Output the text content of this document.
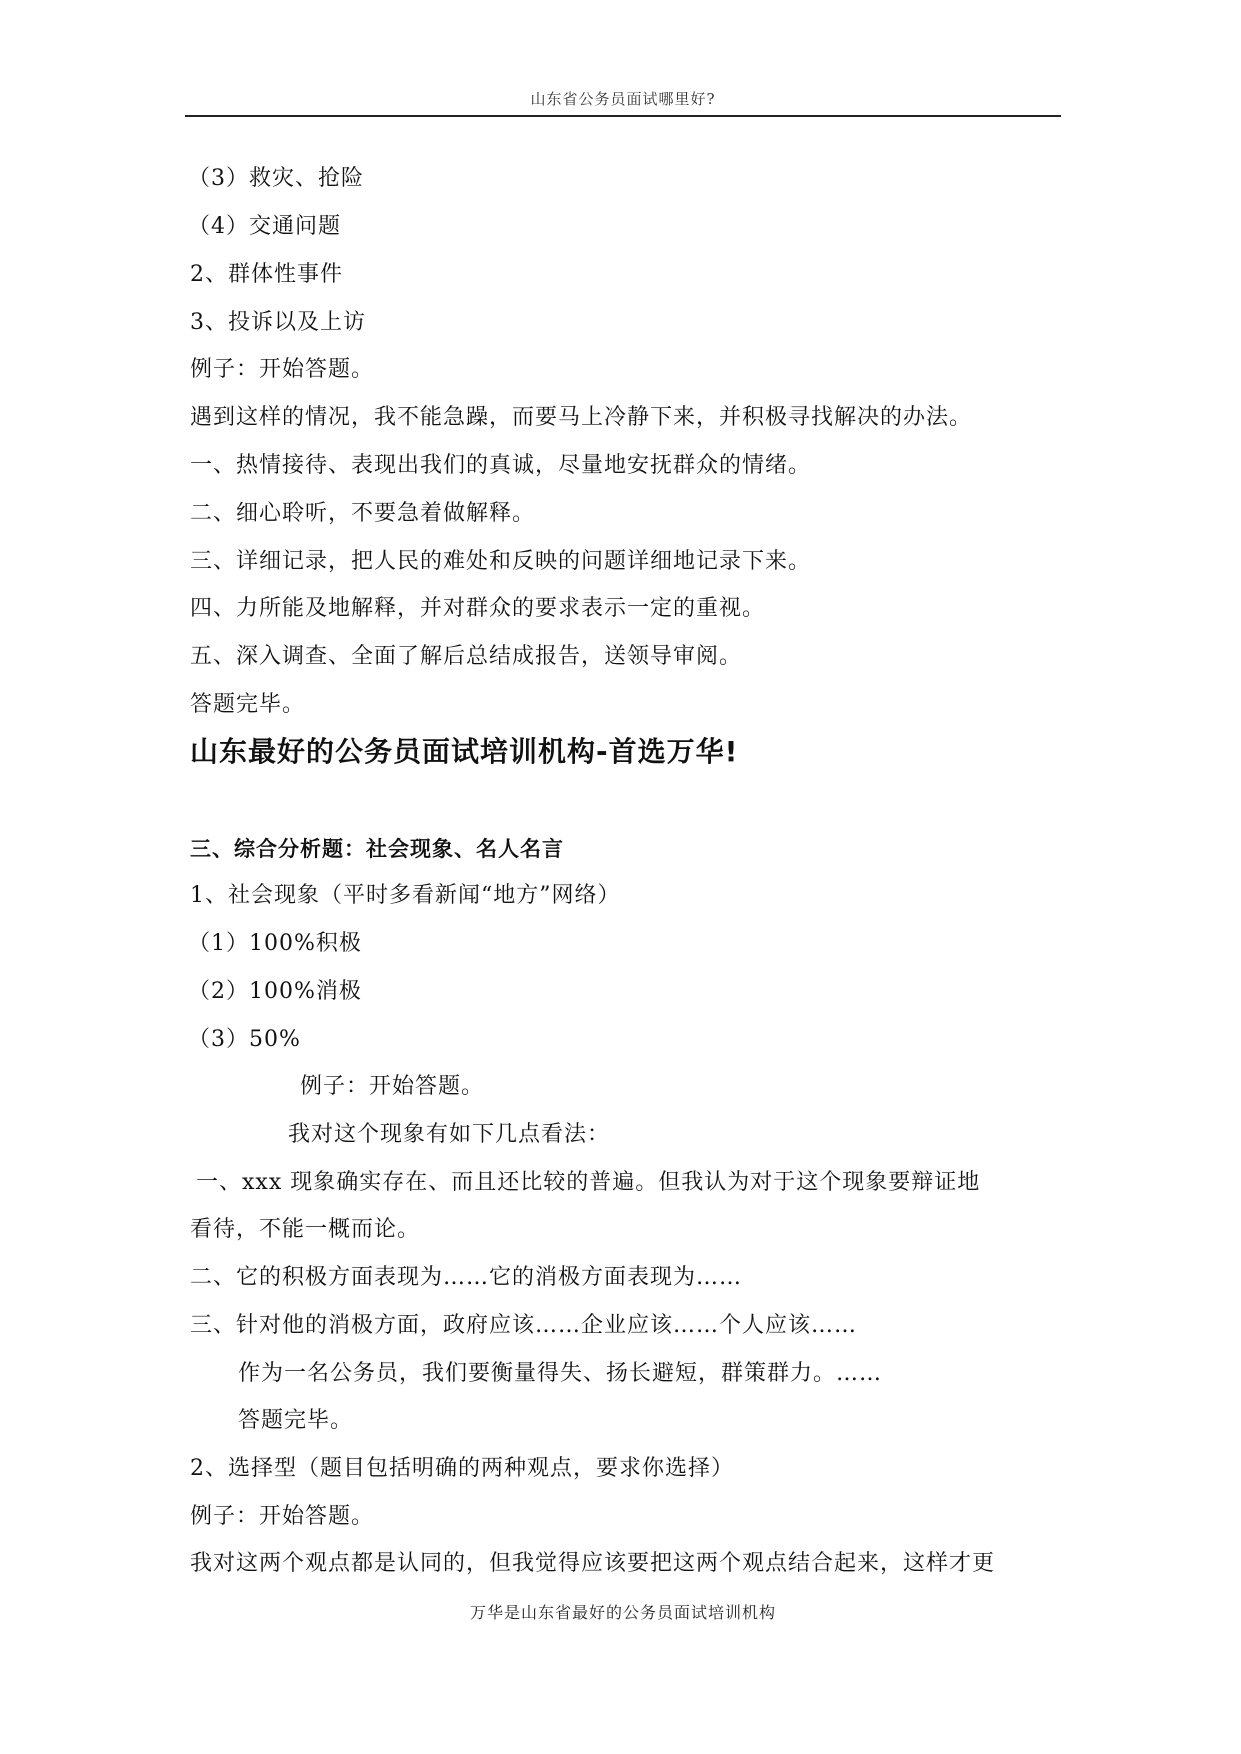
山东省公务员面试哪里好?
（3）救灾、抢险
（4）交通问题
2、群体性事件
3、投诉以及上访
例子：开始答题。
遇到这样的情况，我不能急躁，而要马上冷静下来，并积极寻找解决的办法。
一、热情接待、表现出我们的真诚，尽量地安抚群众的情绪。
二、细心聆听，不要急着做解释。
三、详细记录，把人民的难处和反映的问题详细地记录下来。
四、力所能及地解释，并对群众的要求表示一定的重视。
五、深入调查、全面了解后总结成报告，送领导审阅。
答题完毕。
山东最好的公务员面试培训机构-首选万华!
三、综合分析题：社会现象、名人名言
1、社会现象（平时多看新闻“地方”网络）
（1）100%积极
（2）100%消极
（3）50%
例子：开始答题。
我对这个现象有如下几点看法：
一、xxx 现象确实存在、而且还比较的普遍。但我认为对于这个现象要辩证地
看待，不能一概而论。
二、它的积极方面表现为……它的消极方面表现为……
三、针对他的消极方面，政府应该……企业应该……个人应该……
作为一名公务员，我们要衡量得失、扬长避短，群策群力。……
答题完毕。
2、选择型（题目包括明确的两种观点，要求你选择）
例子：开始答题。
我对这两个观点都是认同的，但我觉得应该要把这两个观点结合起来，这样才更
万华是山东省最好的公务员面试培训机构
